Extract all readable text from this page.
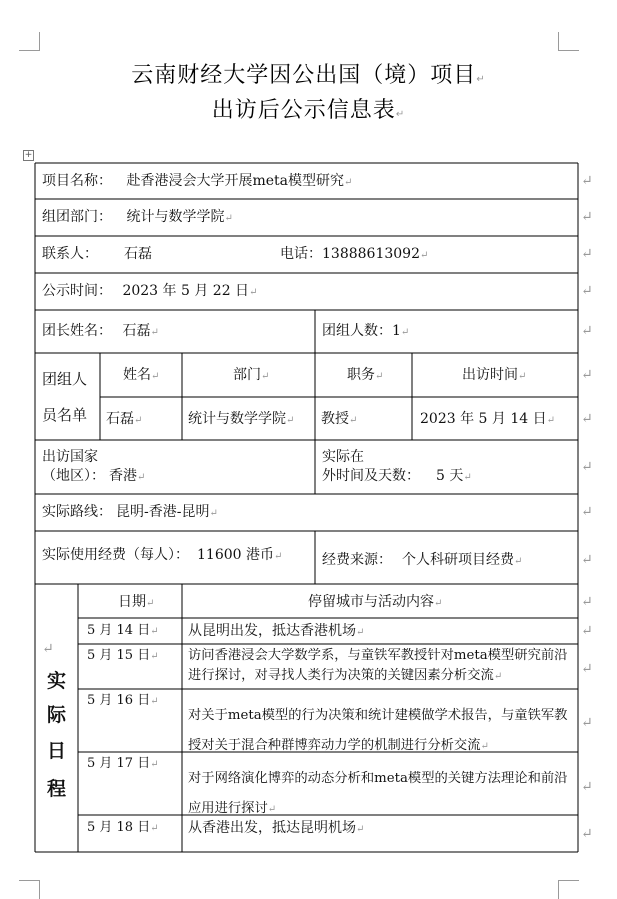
云南财经大学因公出国（境）项目↵
出访后公示信息表↵
+
项目名称： 赴香港浸会大学开展meta模型研究↵
组团部门： 统计与数学学院↵
联系人： 石磊	电话：13888613092↵
公示时间： 2023 年 5 月 22 日↵
团长姓名： 石磊↵	团组人数：1↵
团组人
员名单
姓名↵	部门↵	职务↵	出访时间↵
石磊↵	统计与数学学院↵ 教授↵	2023 年 5 月 14 日↵
出访国家
（地区）： 香港↵
实际在
外时间及天数： 5 天↵
实际路线： 昆明-香港-昆明↵
实际使用经费（每人）： 11600 港币↵	经费来源： 个人科研项目经费↵
↵
实
际
日
程
日期↵	停留城市与活动内容↵
5 月 14 日↵ 从昆明出发，抵达香港机场↵
5 月 15 日↵ 访问香港浸会大学数学系，与童铁军教授针对meta模型研究前沿进行探讨，对寻找人类行为决策的关键因素分析交流↵
5 月 16 日↵
对关于meta模型的行为决策和统计建模做学术报告，与童铁军教授对关于混合种群博弈动力学的机制进行分析交流↵
5 月 17 日↵
对于网络演化博弈的动态分析和meta模型的关键方法理论和前沿应用进行探讨↵
5 月 18 日↵ 从香港出发，抵达昆明机场↵
↵
↵
↵
↵
↵
↵
↵
↵
↵
↵
↵
↵
↵
↵
↵
↵
